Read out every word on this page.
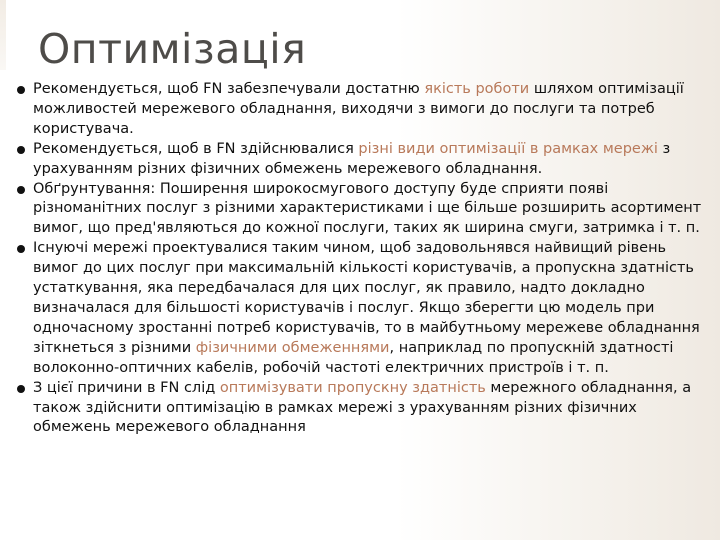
Оптимізація
Рекомендується, щоб FN забезпечували достатню якість роботи шляхом оптимізації можливостей мережевого обладнання, виходячи з вимоги до послуги та потреб користувача.
Рекомендується, щоб в FN здійснювалися різні види оптимізації в рамках мережі з урахуванням різних фізичних обмежень мережевого обладнання.
Обґрунтування: Поширення широкосмугового доступу буде сприяти появі різноманітних послуг з різними характеристиками і ще більше розширить асортимент вимог, що пред'являються до кожної послуги, таких як ширина смуги, затримка і т. п.
Існуючі мережі проектувалися таким чином, щоб задовольнявся найвищий рівень вимог до цих послуг при максимальній кількості користувачів, а пропускна здатність устаткування, яка передбачалася для цих послуг, як правило, надто докладно визначалася для більшості користувачів і послуг. Якщо зберегти цю модель при одночасному зростанні потреб користувачів, то в майбутньому мережеве обладнання зіткнеться з різними фізичними обмеженнями, наприклад по пропускній здатності волоконно-оптичних кабелів, робочій частоті електричних пристроїв і т. п.
З цієї причини в FN слід оптимізувати пропускну здатність мережного обладнання, а також здійснити оптимізацію в рамках мережі з урахуванням різних фізичних обмежень мережевого обладнання
